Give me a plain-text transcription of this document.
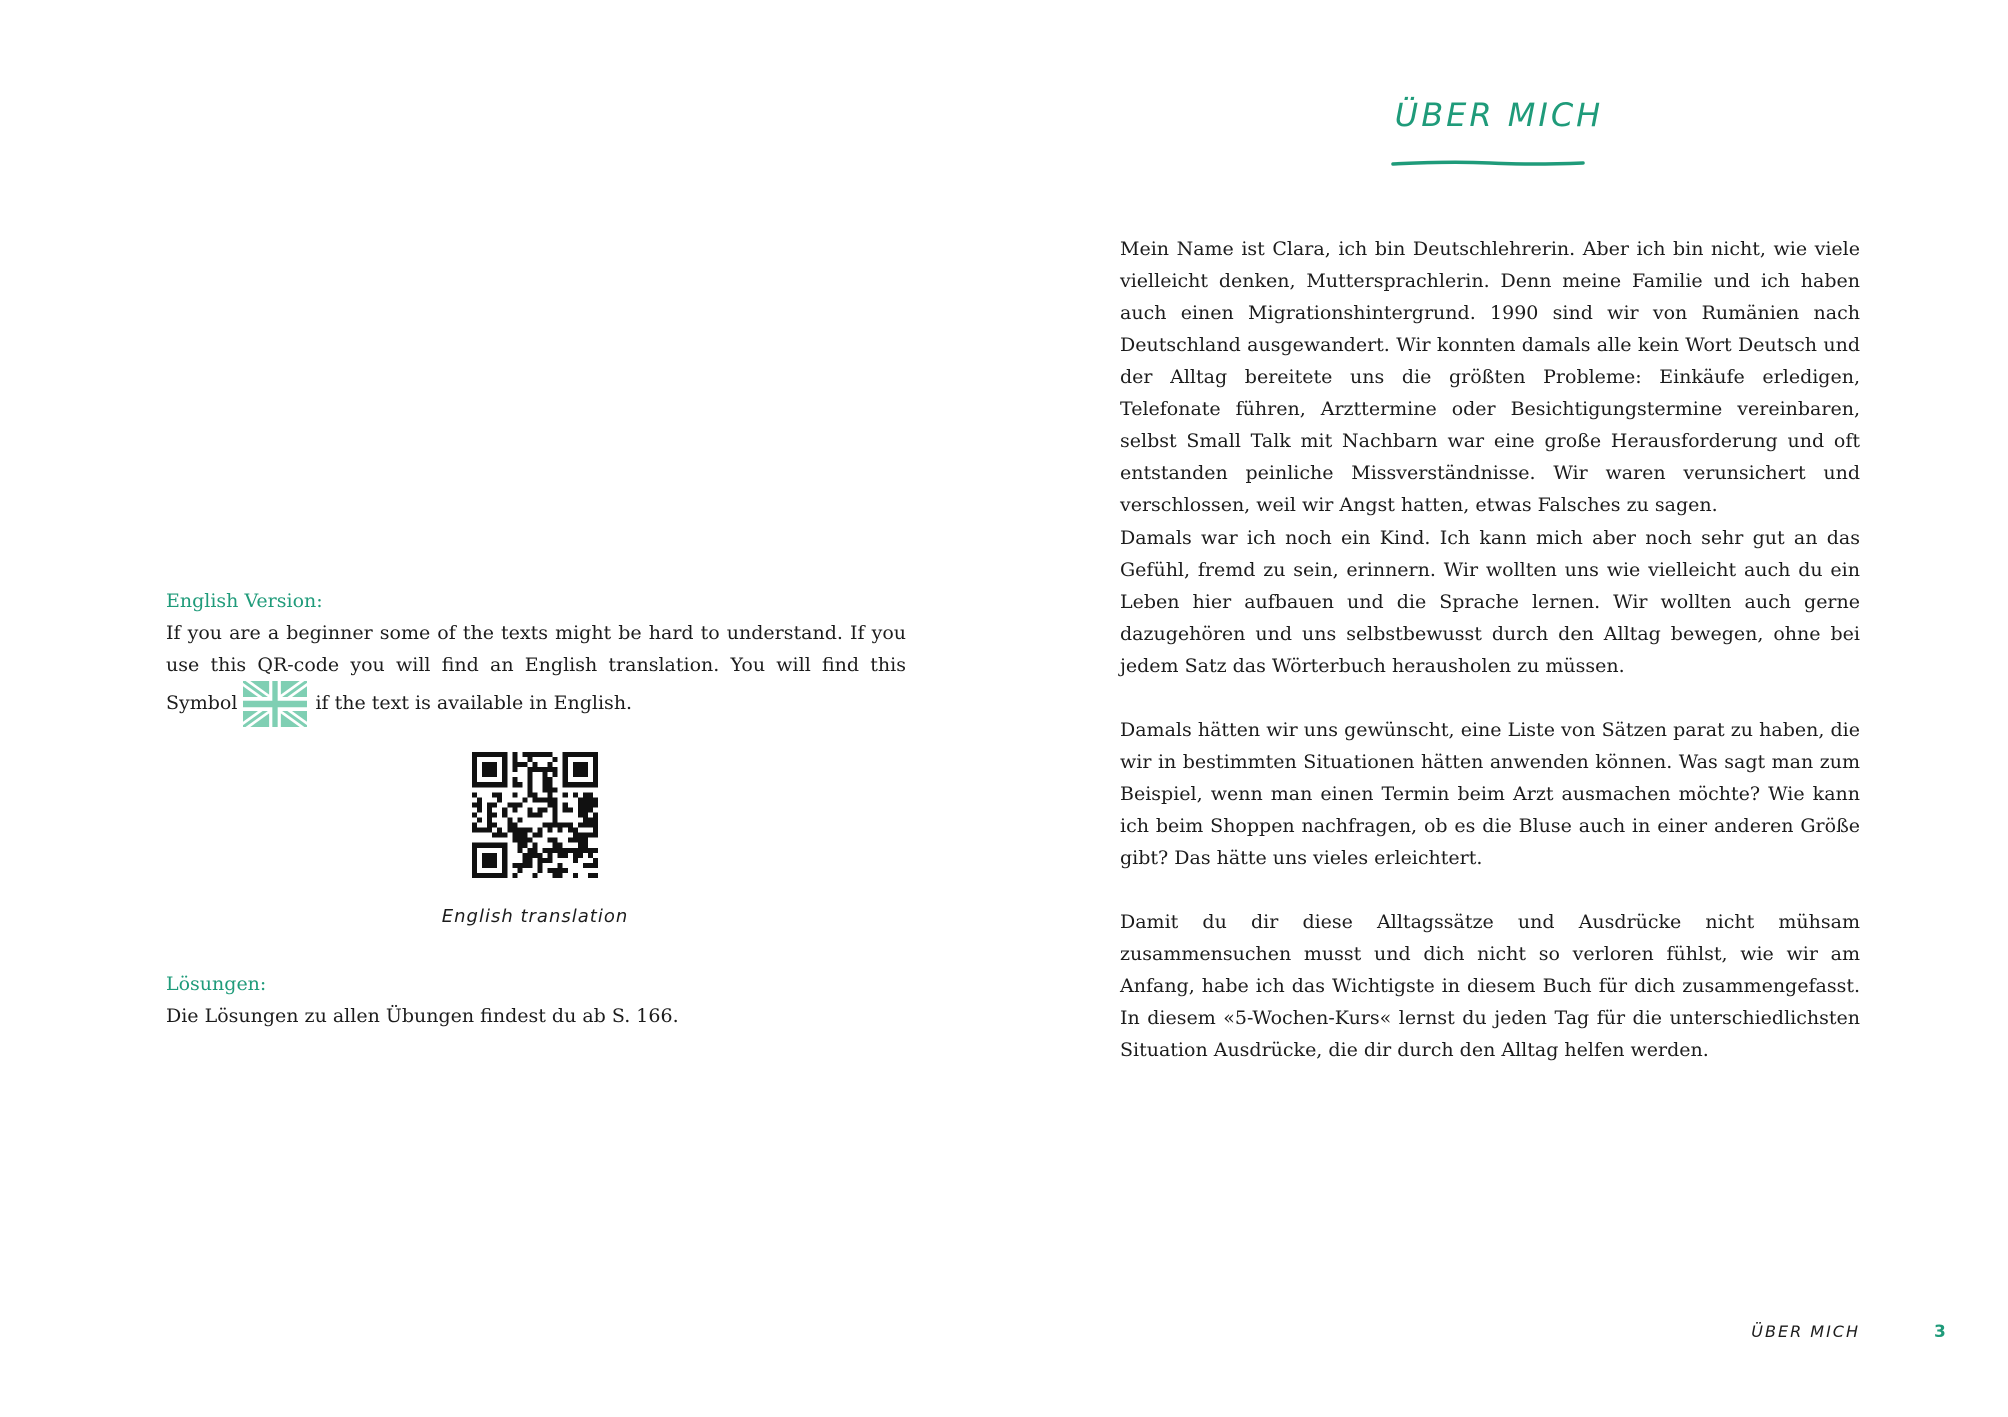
English Version:
If you are a beginner some of the texts might be hard to understand. If you use this QR-code you will find an English translation. You will find this Symbol	if the text is available in English.
English translation
Lösungen:
Die Lösungen zu allen Übungen findest du ab S. 166.
ÜBER MICH
Mein Name ist Clara, ich bin Deutschlehrerin. Aber ich bin nicht, wie viele vielleicht denken, Muttersprachlerin. Denn meine Familie und ich haben auch einen Migrationshintergrund. 1990 sind wir von Rumänien nach Deutschland ausgewandert. Wir konnten damals alle kein Wort Deutsch und der Alltag bereitete uns die größten Probleme: Einkäufe erledigen, Telefonate führen, Arzttermine oder Besichtigungstermine vereinbaren, selbst Small Talk mit Nachbarn war eine große Herausforderung und oft entstanden peinliche Missverständnisse. Wir waren verunsichert und verschlossen, weil wir Angst hatten, etwas Falsches zu sagen.
Damals war ich noch ein Kind. Ich kann mich aber noch sehr gut an das Gefühl, fremd zu sein, erinnern. Wir wollten uns wie vielleicht auch du ein Leben hier aufbauen und die Sprache lernen. Wir wollten auch gerne dazugehören und uns selbstbewusst durch den Alltag bewegen, ohne bei jedem Satz das Wörterbuch herausholen zu müssen.
Damals hätten wir uns gewünscht, eine Liste von Sätzen parat zu haben, die wir in bestimmten Situationen hätten anwenden können. Was sagt man zum Beispiel, wenn man einen Termin beim Arzt ausmachen möchte? Wie kann ich beim Shoppen nachfragen, ob es die Bluse auch in einer anderen Größe gibt? Das hätte uns vieles erleichtert.
Damit du dir diese Alltagssätze und Ausdrücke nicht mühsam zusammensuchen musst und dich nicht so verloren fühlst, wie wir am Anfang, habe ich das Wichtigste in diesem Buch für dich zusammengefasst. In diesem «5-Wochen-Kurs« lernst du jeden Tag für die unterschiedlichsten Situation Ausdrücke, die dir durch den Alltag helfen werden.
ÜBER MICH	3
